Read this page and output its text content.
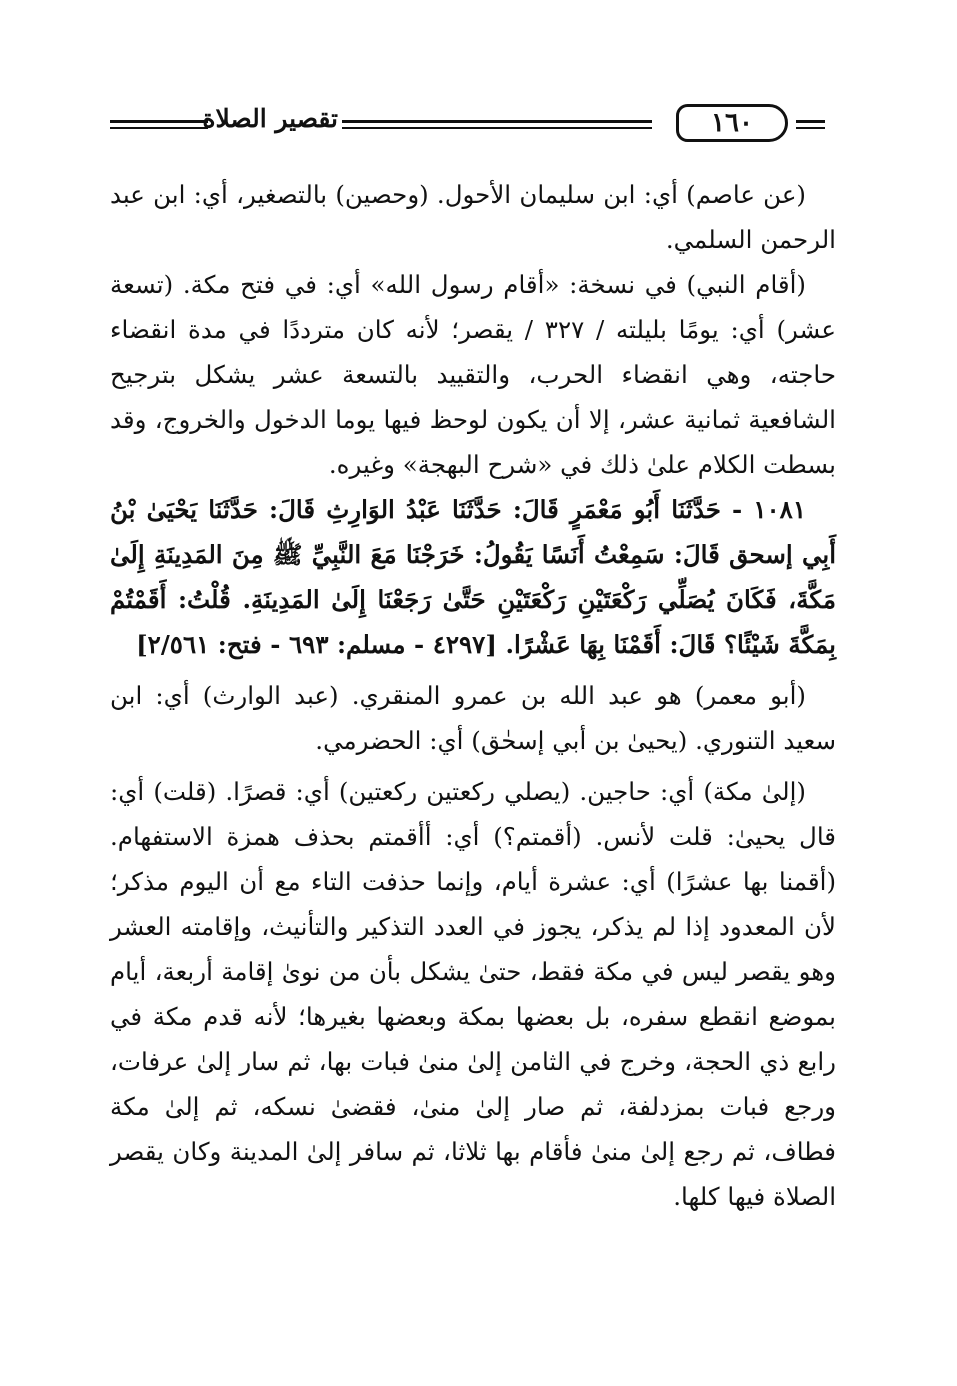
تقصير الصلاة	١٦٠

(عن عاصم) أي: ابن سليمان الأحول. (وحصين) بالتصغير، أي: ابن عبد الرحمن السلمي.

(أقام النبي) في نسخة: «أقام رسول الله» أي: في فتح مكة. (تسعة عشر) أي: يومًا بليلته / ٣٢٧ / يقصر؛ لأنه كان مترددًا في مدة انقضاء حاجته، وهي انقضاء الحرب، والتقييد بالتسعة عشر يشكل بترجيح الشافعية ثمانية عشر، إلا أن يكون لوحظ فيها يوما الدخول والخروج، وقد بسطت الكلام علىٰ ذلك في «شرح البهجة» وغيره.

١٠٨١ - حَدَّثَنَا أَبُو مَعْمَرٍ قَالَ: حَدَّثَنَا عَبْدُ الوَارِثِ قَالَ: حَدَّثَنَا يَحْيَىٰ بْنُ أَبِي إسحق قَالَ: سَمِعْتُ أَنَسًا يَقُولُ: خَرَجْنَا مَعَ النَّبِيِّ ﷺ مِنَ المَدِينَةِ إِلَىٰ مَكَّةَ، فَكَانَ يُصَلِّي رَكْعَتَيْنِ رَكْعَتَيْنِ حَتَّىٰ رَجَعْنَا إِلَىٰ المَدِينَةِ. قُلْتُ: أَقَمْتُمْ بِمَكَّةَ شَيْئًا؟ قَالَ: أَقَمْنَا بِهَا عَشْرًا. [٤٢٩٧ - مسلم: ٦٩٣ - فتح: ٢/٥٦١]

(أبو معمر) هو عبد الله بن عمرو المنقري. (عبد الوارث) أي: ابن سعيد التنوري. (يحيىٰ بن أبي إسحٰق) أي: الحضرمي.

(إلىٰ مكة) أي: حاجين. (يصلي ركعتين ركعتين) أي: قصرًا. (قلت) أي: قال يحيىٰ: قلت لأنس. (أقمتم؟) أي: أأقمتم بحذف همزة الاستفهام. (أقمنا بها عشرًا) أي: عشرة أيام، وإنما حذفت التاء مع أن اليوم مذكر؛ لأن المعدود إذا لم يذكر، يجوز في العدد التذكير والتأنيث، وإقامته العشر وهو يقصر ليس في مكة فقط، حتىٰ يشكل بأن من نوىٰ إقامة أربعة، أيام بموضع انقطع سفره، بل بعضها بمكة وبعضها بغيرها؛ لأنه قدم مكة في رابع ذي الحجة، وخرج في الثامن إلىٰ منىٰ فبات بها، ثم سار إلىٰ عرفات، ورجع فبات بمزدلفة، ثم صار إلىٰ منىٰ، فقضىٰ نسكه، ثم إلىٰ مكة فطاف، ثم رجع إلىٰ منىٰ فأقام بها ثلاثا، ثم سافر إلىٰ المدينة وكان يقصر الصلاة فيها كلها.
